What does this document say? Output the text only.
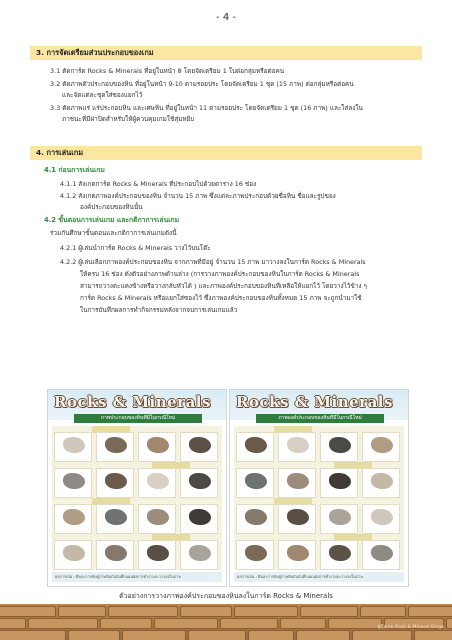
- 4 -
3. การจัดเตรียมส่วนประกอบของเกม
3.1 ตัดการ์ด Rocks & Minerals ที่อยู่ในหน้า 8 โดยจัดเตรียม 1 ใบต่อกลุ่มหรือต่อคน
3.2 ตัดภาพตัวประกอบของหิน ที่อยู่ในหน้า 9-10 ตามรอยประ โดยจัดเตรียม 1 ชุด (15 ภาพ) ต่อกลุ่มหรือต่อคน
และจัดแต่ละชุดใส่ซองแยกไว้
3.3 ตัดภาพแร่ แร่ประกอบหิน และเศษหิน ที่อยู่ในหน้า 11 ตามรอยประ โดยจัดเตรียม 1 ชุด (16 ภาพ) และใส่ลงใน
ภาชนะที่มีฝาปิดสำหรับให้ผู้ควบคุมเกมใช้สุ่มหยิบ
4. การเล่นเกม
4.1 ก่อนการเล่นเกม
4.1.1 สังเกตการ์ด Rocks & Minerals ที่ประกอบไปด้วยตาราง 16 ช่อง
4.1.2 สังเกตภาพองค์ประกอบของหิน จำนวน 15 ภาพ ซึ่งแต่ละภาพประกอบด้วยชื่อหิน ชื่อและรูปของ
องค์ประกอบของหินนั้น
4.2 ขั้นตอนการเล่นเกม และกติกาการเล่นเกม
ร่วมกันศึกษาขั้นตอนและกติกาการเล่นเกมดังนี้
4.2.1 ผู้เล่นนำการ์ด Rocks & Minerals วางไว้บนโต๊ะ
4.2.2 ผู้เล่นเลือกภาพองค์ประกอบของหิน จากภาพที่มีอยู่ จำนวน 15 ภาพ มาวางลงในการ์ด Rocks & Minerals
ให้ครบ 16 ช่อง ดังตัวอย่างภาพด้านล่าง (การวางภาพองค์ประกอบของหินในการ์ด Rocks & Minerals
สามารถวางตะแคงข้างหรือวางกลับหัวได้ ) และภาพองค์ประกอบของหินที่เหลือให้แยกไว้ โดยวางไว้ข้าง ๆ
การ์ด Rocks & Minerals หรือแยกใส่ซองไว้ ซึ่งภาพองค์ประกอบของหินทั้งหมด 15 ภาพ จะถูกนำมาใช้
ในการบันทึกผลการทำกิจกรรมหลังจากจบการเล่นเกมแล้ว
Rocks & Minerals
ภาพประกอบของหินที่มีในกรณีใหม่
ผลการเล่น : ทีมละการจับคู่ภาพหินกับบันทึกแผนผังการทำงานจะวางลงในภาพ
Rocks & Minerals
ภาพองค์ประกอบของหินที่มีในกรณีใหม่
ผลการเล่น : ทีมละการจับคู่ภาพหินกับบันทึกแผนผังการทำงานจะวางลงในภาพ
ตัวอย่างการวางภาพองค์ประกอบของหินลงในการ์ด Rocks & Minerals
คู่มือเกม Rock & Mineral Bingo
